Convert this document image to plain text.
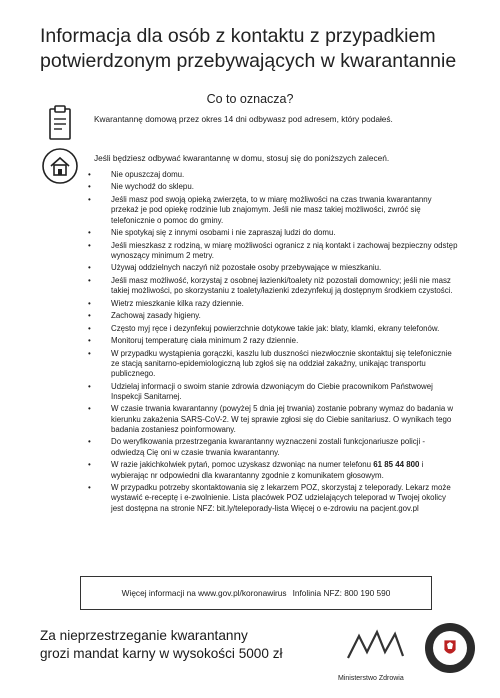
Informacja dla osób z kontaktu z przypadkiem potwierdzonym przebywających w kwarantannie
Co to oznacza?
Kwarantannę domową przez okres 14 dni odbywasz pod adresem, który podałeś.
Jeśli będziesz odbywać kwarantannę w domu, stosuj się do poniższych zaleceń.
• Nie opuszczaj domu.
• Nie wychodź do sklepu.
• Jeśli masz pod swoją opieką zwierzęta, to w miarę możliwości na czas trwania kwarantanny przekaż je pod opiekę rodzinie lub znajomym. Jeśli nie masz takiej możliwości, zwróć się telefonicznie o pomoc do gminy.
• Nie spotykaj się z innymi osobami i nie zapraszaj ludzi do domu.
• Jeśli mieszkasz z rodziną, w miarę możliwości ogranicz z nią kontakt i zachowaj bezpieczny odstęp wynoszący minimum 2 metry.
• Używaj oddzielnych naczyń niż pozostałe osoby przebywające w mieszkaniu.
• Jeśli masz możliwość, korzystaj z osobnej łazienki/toalety niż pozostali domownicy; jeśli nie masz takiej możliwości, po skorzystaniu z toalety/łazienki zdezynfekuj ją dostępnym środkiem czystości.
• Wietrz mieszkanie kilka razy dziennie.
• Zachowaj zasady higieny.
• Często myj ręce i dezynfekuj powierzchnie dotykowe takie jak: blaty, klamki, ekrany telefonów.
• Monitoruj temperaturę ciała minimum 2 razy dziennie.
• W przypadku wystąpienia gorączki, kaszlu lub duszności niezwłocznie skontaktuj się telefonicznie ze stacją sanitarno-epidemiologiczną lub zgłoś się na oddział zakaźny, unikając transportu publicznego.
• Udzielaj informacji o swoim stanie zdrowia dzwoniącym do Ciebie pracownikom Państwowej Inspekcji Sanitarnej.
• W czasie trwania kwarantanny (powyżej 5 dnia jej trwania) zostanie pobrany wymaz do badania w kierunku zakażenia SARS-CoV-2. W tej sprawie zgłosi się do Ciebie sanitariusz. O wynikach tego badania zostaniesz poinformowany.
• Do weryfikowania przestrzegania kwarantanny wyznaczeni zostali funkcjonariusze policji - odwiedzą Cię oni w czasie trwania kwarantanny.
• W razie jakichkolwiek pytań, pomoc uzyskasz dzwoniąc na numer telefonu 61 85 44 800 i wybierając nr odpowiedni dla kwarantanny zgodnie z komunikatem głosowym.
• W przypadku potrzeby skontaktowania się z lekarzem POZ, skorzystaj z teleporady. Lekarz może wystawić e-receptę i e-zwolnienie. Lista placówek POZ udzielających teleporad w Twojej okolicy jest dostępna na stronie NFZ: bit.ly/teleporady-lista Więcej o e-zdrowiu na pacjent.gov.pl
Więcej informacji na www.gov.pl/koronawirus Infolinia NFZ: 800 190 590
Za nieprzestrzeganie kwarantanny
grozi mandat karny w wysokości 5000 zł
Ministerstwo Zdrowia
